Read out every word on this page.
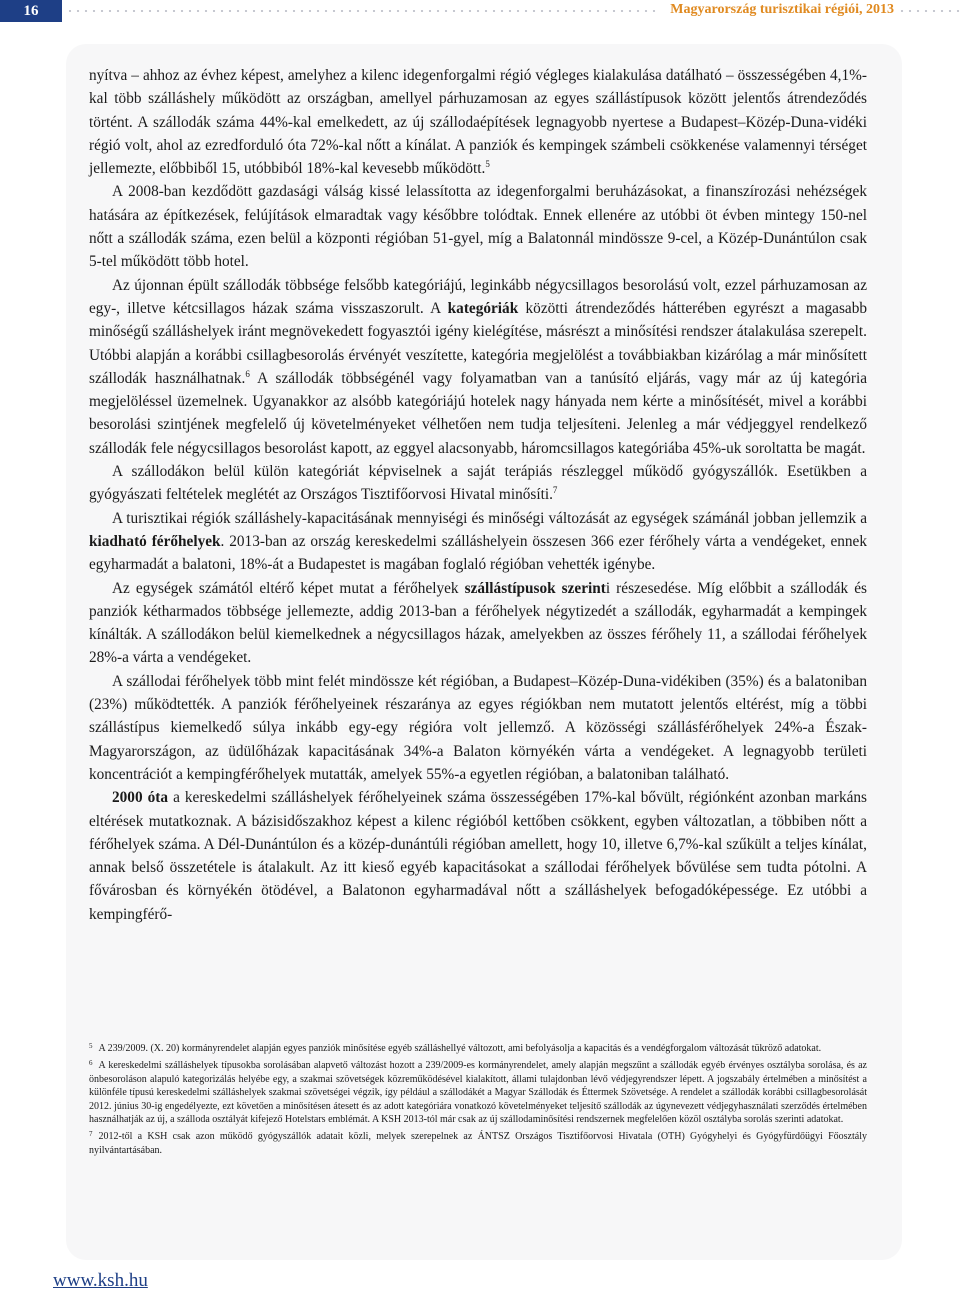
16	Magyarország turisztikai régiói, 2013

nyítva – ahhoz az évhez képest, amelyhez a kilenc idegenforgalmi régió végleges kialakulása datálható – összességében 4,1%-kal több szálláshely működött az országban, amellyel párhuzamosan az egyes szállástípusok között jelentős átrendeződés történt. A szállodák száma 44%-kal emelkedett, az új szállodaépítések legnagyobb nyertese a Budapest–Közép-Duna-vidéki régió volt, ahol az ezredforduló óta 72%-kal nőtt a kínálat. A panziók és kempingek számbeli csökkenése valamennyi térséget jellemezte, előbbiből 15, utóbbiból 18%-kal kevesebb működött.$^5$

A 2008-ban kezdődött gazdasági válság kissé lelassította az idegenforgalmi beruházásokat, a finanszírozási nehézségek hatására az építkezések, felújítások elmaradtak vagy későbbre tolódtak. Ennek ellenére az utóbbi öt évben mintegy 150-nel nőtt a szállodák száma, ezen belül a központi régióban 51-gyel, míg a Balatonnál mindössze 9-cel, a Közép-Dunántúlon csak 5-tel működött több hotel.

Az újonnan épült szállodák többsége felsőbb kategóriájú, leginkább négycsillagos besorolású volt, ezzel párhuzamosan az egy-, illetve kétcsillagos házak száma visszaszorult. A kategóriák közötti átrendeződés hátterében egyrészt a magasabb minőségű szálláshelyek iránt megnövekedett fogyasztói igény kielégítése, másrészt a minősítési rendszer átalakulása szerepelt. Utóbbi alapján a korábbi csillagbesorolás érvényét veszítette, kategória megjelölést a továbbiakban kizárólag a már minősített szállodák használhatnak.$^6$ A szállodák többségénél vagy folyamatban van a tanúsító eljárás, vagy már az új kategória megjelöléssel üzemelnek. Ugyanakkor az alsóbb kategóriájú hotelek nagy hányada nem kérte a minősítését, mivel a korábbi besorolási szintjének megfelelő új követelményeket vélhetően nem tudja teljesíteni. Jelenleg a már védjeggyel rendelkező szállodák fele négycsillagos besorolást kapott, az eggyel alacsonyabb, háromcsillagos kategóriába 45%-uk soroltatta be magát.

A szállodákon belül külön kategóriát képviselnek a saját terápiás részleggel működő gyógyszállók. Esetükben a gyógyászati feltételek meglétét az Országos Tisztifőorvosi Hivatal minősíti.$^7$

A turisztikai régiók szálláshely-kapacitásának mennyiségi és minőségi változását az egységek számánál jobban jellemzik a kiadható férőhelyek. 2013-ban az ország kereskedelmi szálláshelyein összesen 366 ezer férőhely várta a vendégeket, ennek egyharmadát a balatoni, 18%-át a Budapestet is magában foglaló régióban vehették igénybe.

Az egységek számától eltérő képet mutat a férőhelyek szállástípusok szerinti részesedése. Míg előbbit a szállodák és panziók kétharmados többsége jellemezte, addig 2013-ban a férőhelyek négytizedét a szállodák, egyharmadát a kempingek kínálták. A szállodákon belül kiemelkednek a négycsillagos házak, amelyekben az összes férőhely 11, a szállodai férőhelyek 28%-a várta a vendégeket.

A szállodai férőhelyek több mint felét mindössze két régióban, a Budapest–Közép-Duna-vidékiben (35%) és a balatoniban (23%) működtették. A panziók férőhelyeinek részaránya az egyes régiókban nem mutatott jelentős eltérést, míg a többi szállástípus kiemelkedő súlya inkább egy-egy régióra volt jellemző. A közösségi szállásférőhelyek 24%-a Észak-Magyarországon, az üdülőházak kapacitásának 34%-a Balaton környékén várta a vendégeket. A legnagyobb területi koncentrációt a kempingférőhelyek mutatták, amelyek 55%-a egyetlen régióban, a balatoniban található.

2000 óta a kereskedelmi szálláshelyek férőhelyeinek száma összességében 17%-kal bővült, régiónként azonban markáns eltérések mutatkoznak. A bázisidőszakhoz képest a kilenc régióból kettőben csökkent, egyben változatlan, a többiben nőtt a férőhelyek száma. A Dél-Dunántúlon és a közép-dunántúli régióban amellett, hogy 10, illetve 6,7%-kal szűkült a teljes kínálat, annak belső összetétele is átalakult. Az itt kieső egyéb kapacitásokat a szállodai férőhelyek bővülése sem tudta pótolni. A fővárosban és környékén ötödével, a Balatonon egyharmadával nőtt a szálláshelyek befogadóképessége. Ez utóbbi a kempingférő-

$^5$ A 239/2009. (X. 20) kormányrendelet alapján egyes panziók minősítése egyéb szálláshellyé változott, ami befolyásolja a kapacitás és a vendégforgalom változását tükröző adatokat.

$^6$ A kereskedelmi szálláshelyek típusokba sorolásában alapvető változást hozott a 239/2009-es kormányrendelet, amely alapján megszűnt a szállodák egyéb érvényes osztályba sorolása, és az önbesoroláson alapuló kategorizálás helyébe egy, a szakmai szövetségek közreműködésével kialakított, állami tulajdonban lévő védjegyrendszer lépett. A jogszabály értelmében a minősítést a különféle típusú kereskedelmi szálláshelyek szakmai szövetségei végzik, így például a szállodákét a Magyar Szállodák és Éttermek Szövetsége. A rendelet a szállodák korábbi csillagbesorolását 2012. június 30-ig engedélyezte, ezt követően a minősítésen átesett és az adott kategóriára vonatkozó követelményeket teljesítő szállodák az úgynevezett védjegyhasználati szerződés értelmében használhatják az új, a szálloda osztályát kifejező Hotelstars emblémát. A KSH 2013-tól már csak az új szállodaminősítési rendszernek megfelelően közöl osztályba sorolás szerinti adatokat.

$^7$ 2012-től a KSH csak azon működő gyógyszállók adatait közli, melyek szerepelnek az ÁNTSZ Országos Tisztifőorvosi Hivatala (OTH) Gyógyhelyi és Gyógyfürdőügyi Főosztály nyilvántartásában.

www.ksh.hu
